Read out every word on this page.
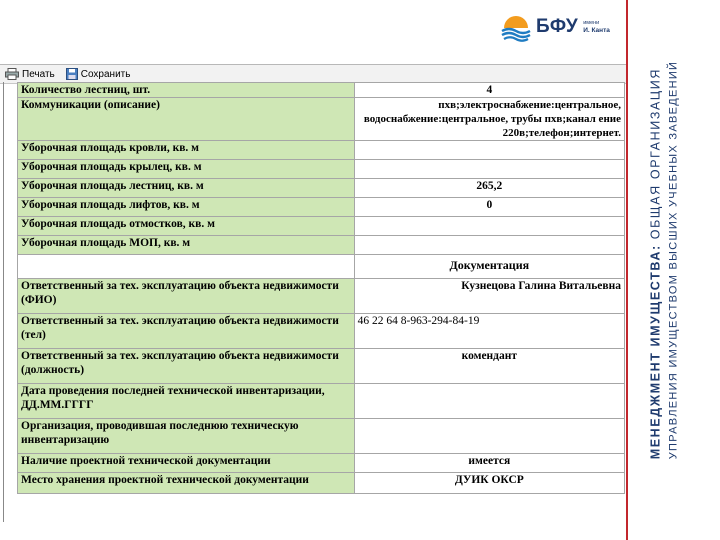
БФУ имени
И. Канта
МЕНЕДЖМЕНТ ИМУЩЕСТВА: ОБЩАЯ ОРГАНИЗАЦИЯ УПРАВЛЕНИЯ ИМУЩЕСТВОМ ВЫСШИХ УЧЕБНЫХ ЗАВЕДЕНИЙ
Печать	Сохранить
Количество лестниц, шт.	4
Коммуникации (описание)	пхв;электроснабжение:центральное, водоснабжение:центральное, трубы пхв;канал ение 220в;телефон;интернет.
Уборочная площадь кровли, кв. м	
Уборочная площадь крылец, кв. м	
Уборочная площадь лестниц, кв. м	265,2
Уборочная площадь лифтов, кв. м	0
Уборочная площадь отмостков, кв. м	
Уборочная площадь МОП, кв. м	
	Документация
Ответственный за тех. эксплуатацию объекта недвижимости (ФИО)	Кузнецова Галина Витальевна
Ответственный за тех. эксплуатацию объекта недвижимости (тел)	46 22 64 8-963-294-84-19
Ответственный за тех. эксплуатацию объекта недвижимости (должность)	комендант
Дата проведения последней технической инвентаризации, ДД.ММ.ГГГГ	
Организация, проводившая последнюю техническую инвентаризацию	
Наличие проектной технической документации	имеется
Место хранения проектной технической документации	ДУИК ОКСР
